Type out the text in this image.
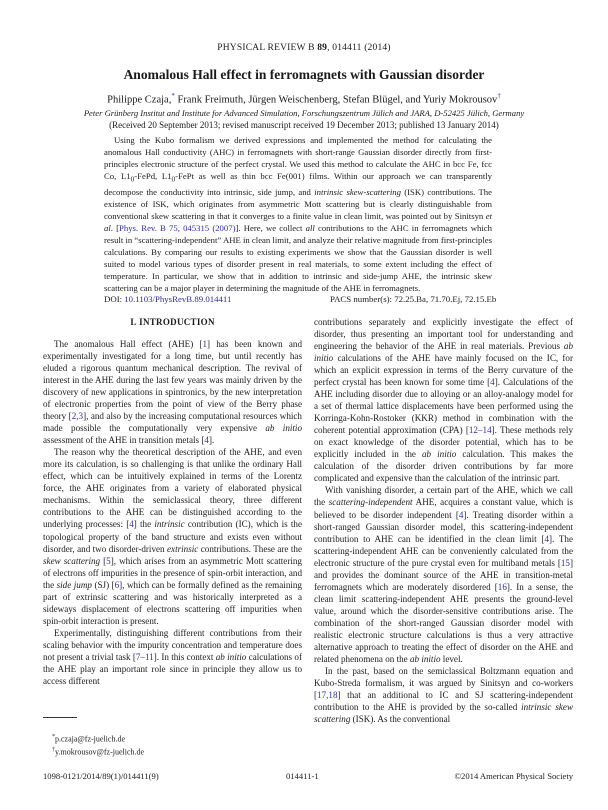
PHYSICAL REVIEW B 89, 014411 (2014)
Anomalous Hall effect in ferromagnets with Gaussian disorder
Philippe Czaja,* Frank Freimuth, Jürgen Weischenberg, Stefan Blügel, and Yuriy Mokrousov†
Peter Grünberg Institut and Institute for Advanced Simulation, Forschungszentrum Jülich and JARA, D-52425 Jülich, Germany
(Received 20 September 2013; revised manuscript received 19 December 2013; published 13 January 2014)
Using the Kubo formalism we derived expressions and implemented the method for calculating the anomalous Hall conductivity (AHC) in ferromagnets with short-range Gaussian disorder directly from first-principles electronic structure of the perfect crystal. We used this method to calculate the AHC in bcc Fe, fcc Co, $L1_0$-FePd, $L1_0$-FePt as well as thin bcc Fe(001) films. Within our approach we can transparently decompose the conductivity into intrinsic, side jump, and intrinsic skew-scattering (ISK) contributions. The existence of ISK, which originates from asymmetric Mott scattering but is clearly distinguishable from conventional skew scattering in that it converges to a finite value in clean limit, was pointed out by Sinitsyn et al. [Phys. Rev. B 75, 045315 (2007)]. Here, we collect all contributions to the AHC in ferromagnets which result in “scattering-independent” AHE in clean limit, and analyze their relative magnitude from first-principles calculations. By comparing our results to existing experiments we show that the Gaussian disorder is well suited to model various types of disorder present in real materials, to some extent including the effect of temperature. In particular, we show that in addition to intrinsic and side-jump AHE, the intrinsic skew scattering can be a major player in determining the magnitude of the AHE in ferromagnets.
DOI: 10.1103/PhysRevB.89.014411	PACS number(s): 72.25.Ba, 71.70.Ej, 72.15.Eb
I. INTRODUCTION

The anomalous Hall effect (AHE) [1] has been known and experimentally investigated for a long time, but until recently has eluded a rigorous quantum mechanical description. The revival of interest in the AHE during the last few years was mainly driven by the discovery of new applications in spintronics, by the new interpretation of electronic properties from the point of view of the Berry phase theory [2,3], and also by the increasing computational resources which made possible the computationally very expensive ab initio assessment of the AHE in transition metals [4].

The reason why the theoretical description of the AHE, and even more its calculation, is so challenging is that unlike the ordinary Hall effect, which can be intuitively explained in terms of the Lorentz force, the AHE originates from a variety of elaborated physical mechanisms. Within the semiclassical theory, three different contributions to the AHE can be distinguished according to the underlying processes: [4] the intrinsic contribution (IC), which is the topological property of the band structure and exists even without disorder, and two disorder-driven extrinsic contributions. These are the skew scattering [5], which arises from an asymmetric Mott scattering of electrons off impurities in the presence of spin-orbit interaction, and the side jump (SJ) [6], which can be formally defined as the remaining part of extrinsic scattering and was historically interpreted as a sideways displacement of electrons scattering off impurities when spin-orbit interaction is present.

Experimentally, distinguishing different contributions from their scaling behavior with the impurity concentration and temperature does not present a trivial task [7–11]. In this context ab initio calculations of the AHE play an important role since in principle they allow us to access different

contributions separately and explicitly investigate the effect of disorder, thus presenting an important tool for understanding and engineering the behavior of the AHE in real materials. Previous ab initio calculations of the AHE have mainly focused on the IC, for which an explicit expression in terms of the Berry curvature of the perfect crystal has been known for some time [4]. Calculations of the AHE including disorder due to alloying or an alloy-analogy model for a set of thermal lattice displacements have been performed using the Korringa-Kohn-Rostoker (KKR) method in combination with the coherent potential approximation (CPA) [12–14]. These methods rely on exact knowledge of the disorder potential, which has to be explicitly included in the ab initio calculation. This makes the calculation of the disorder driven contributions by far more complicated and expensive than the calculation of the intrinsic part.

With vanishing disorder, a certain part of the AHE, which we call the scattering-independent AHE, acquires a constant value, which is believed to be disorder independent [4]. Treating disorder within a short-ranged Gaussian disorder model, this scattering-independent contribution to AHE can be identified in the clean limit [4]. The scattering-independent AHE can be conveniently calculated from the electronic structure of the pure crystal even for multiband metals [15] and provides the dominant source of the AHE in transition-metal ferromagnets which are moderately disordered [16]. In a sense, the clean limit scattering-independent AHE presents the ground-level value, around which the disorder-sensitive contributions arise. The combination of the short-ranged Gaussian disorder model with realistic electronic structure calculations is thus a very attractive alternative approach to treating the effect of disorder on the AHE and related phenomena on the ab initio level.

In the past, based on the semiclassical Boltzmann equation and Kubo-Streda formalism, it was argued by Sinitsyn and co-workers [17,18] that an additional to IC and SJ scattering-independent contribution to the AHE is provided by the so-called intrinsic skew scattering (ISK). As the conventional

*p.czaja@fz-juelich.de
†y.mokrousov@fz-juelich.de
1098-0121/2014/89(1)/014411(9)	014411-1	©2014 American Physical Society
